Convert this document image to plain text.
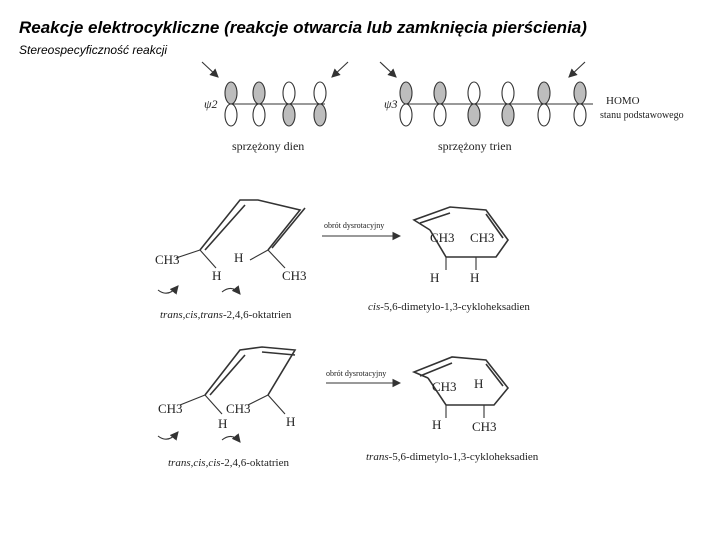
Reakcje elektrocykliczne (reakcje otwarcia lub zamknięcia pierścienia)
Stereospecyficzność reakcji
ψ2
sprzężony dien
ψ3
sprzężony trien
HOMO
stanu podstawowego
CH3
H
H
CH3
obrót dysrotacyjny
CH3 CH3
H H
trans,cis,trans-2,4,6-oktatrien
cis-5,6-dimetylo-1,3-cykloheksadien
CH3	CH3
H	H
obrót dysrotacyjny
CH3 H
H CH3
trans,cis,cis-2,4,6-oktatrien	trans-5,6-dimetylo-1,3-cykloheksadien
